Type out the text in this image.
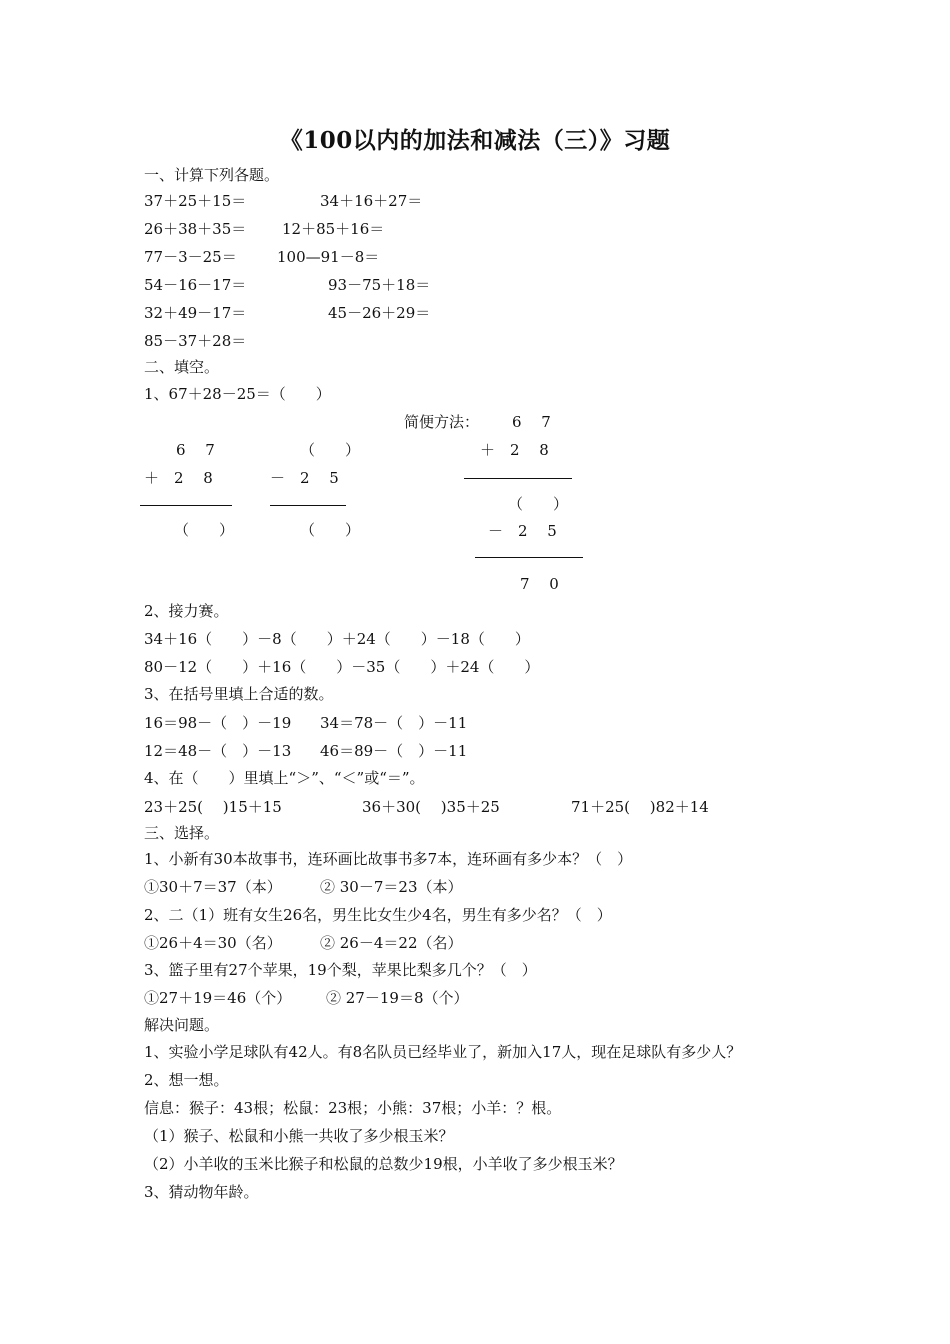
《100以内的加法和减法（三）》习题
一、计算下列各题。
37＋25＋15＝	34＋16＋27＝
26＋38＋35＝ 12＋85＋16＝
77－3－25＝	100—91－8＝
54－16－17＝	93－75＋18＝
32＋49－17＝	45－26＋29＝
85－37＋28＝
二、填空。
1、67＋28－25＝（　　）
6　 7
＋　2　 8
（　　）
（　　）
－　2　 5
（　　）
简便方法： 6　 7
＋　2　 8
（　　）
－　2　 5
7　 0
2、接力赛。
34＋16（　　）－8（　　）＋24（　　）－18（　　）
80－12（　　）＋16（　　）－35（　　）＋24（　　）
3、在括号里填上合适的数。
16＝98－（　）－19 34＝78－（　）－11
12＝48－（　）－13 46＝89－（　）－11
4、在（　　）里填上“＞”、“＜”或“＝”。
23＋25(　 )15＋15	36＋30(　 )35＋25	71＋25(　 )82＋14
三、选择。
1、小新有30本故事书，连环画比故事书多7本，连环画有多少本？（　）
①30＋7＝37（本）	② 30－7＝23（本）
2、二（1）班有女生26名，男生比女生少4名，男生有多少名？（　）
①26＋4＝30（名）	② 26－4＝22（名）
3、篮子里有27个苹果，19个梨，苹果比梨多几个？（　）
①27＋19＝46（个） ② 27－19＝8（个）
解决问题。
1、实验小学足球队有42人。有8名队员已经毕业了，新加入17人，现在足球队有多少人？
2、想一想。
信息：猴子：43根；松鼠：23根；小熊：37根；小羊：？根。
（1）猴子、松鼠和小熊一共收了多少根玉米？
（2）小羊收的玉米比猴子和松鼠的总数少19根，小羊收了多少根玉米？
3、猜动物年龄。
